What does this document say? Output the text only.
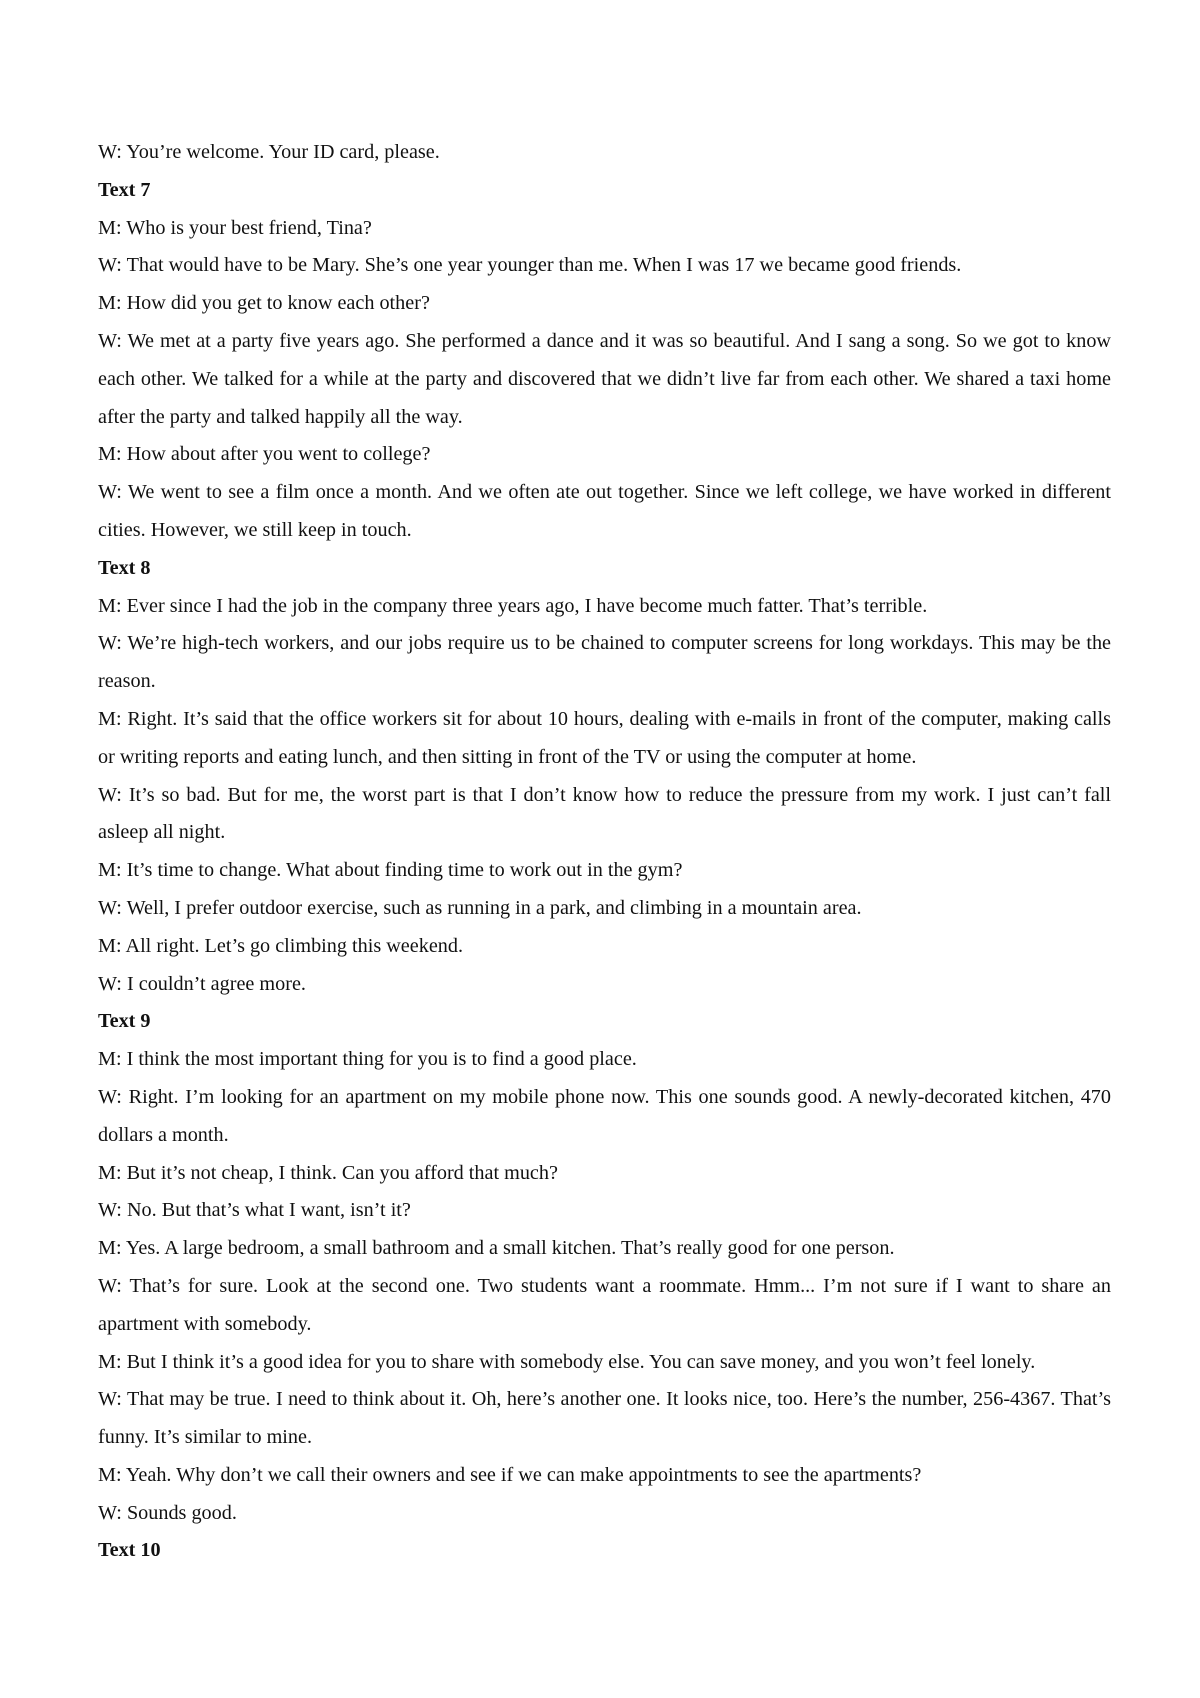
W: You’re welcome. Your ID card, please.

Text 7

M: Who is your best friend, Tina?

W: That would have to be Mary. She’s one year younger than me. When I was 17 we became good friends.

M: How did you get to know each other?

W: We met at a party five years ago. She performed a dance and it was so beautiful. And I sang a song. So we got to know each other. We talked for a while at the party and discovered that we didn’t live far from each other. We shared a taxi home after the party and talked happily all the way.

M: How about after you went to college?

W: We went to see a film once a month. And we often ate out together. Since we left college, we have worked in different cities. However, we still keep in touch.

Text 8

M: Ever since I had the job in the company three years ago, I have become much fatter. That’s terrible.

W: We’re high-tech workers, and our jobs require us to be chained to computer screens for long workdays. This may be the reason.

M: Right. It’s said that the office workers sit for about 10 hours, dealing with e-mails in front of the computer, making calls or writing reports and eating lunch, and then sitting in front of the TV or using the computer at home.

W: It’s so bad. But for me, the worst part is that I don’t know how to reduce the pressure from my work. I just can’t fall asleep all night.

M: It’s time to change. What about finding time to work out in the gym?

W: Well, I prefer outdoor exercise, such as running in a park, and climbing in a mountain area.

M: All right. Let’s go climbing this weekend.

W: I couldn’t agree more.

Text 9

M: I think the most important thing for you is to find a good place.

W: Right. I’m looking for an apartment on my mobile phone now. This one sounds good. A newly-decorated kitchen, 470 dollars a month.

M: But it’s not cheap, I think. Can you afford that much?

W: No. But that’s what I want, isn’t it?

M: Yes. A large bedroom, a small bathroom and a small kitchen. That’s really good for one person.

W: That’s for sure. Look at the second one. Two students want a roommate. Hmm... I’m not sure if I want to share an apartment with somebody.

M: But I think it’s a good idea for you to share with somebody else. You can save money, and you won’t feel lonely.

W: That may be true. I need to think about it. Oh, here’s another one. It looks nice, too. Here’s the number, 256-4367. That’s funny. It’s similar to mine.

M: Yeah. Why don’t we call their owners and see if we can make appointments to see the apartments?

W: Sounds good.

Text 10
